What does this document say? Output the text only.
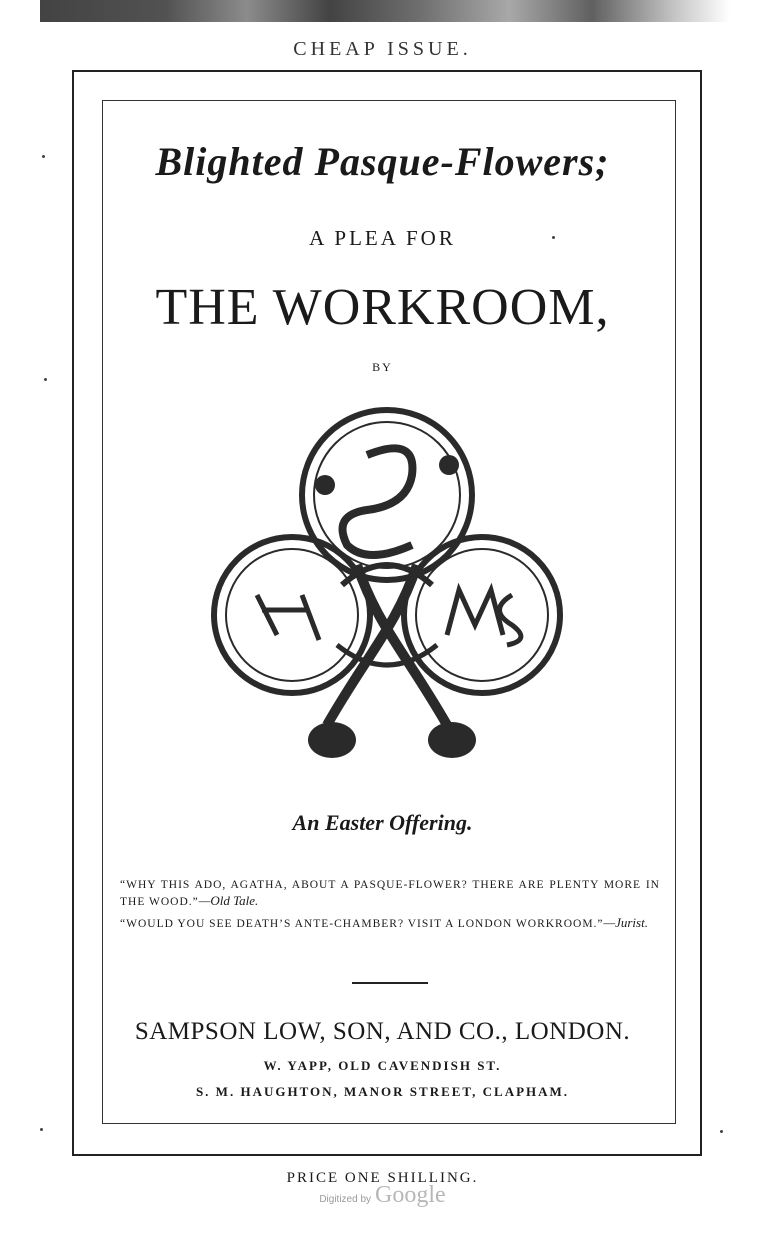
CHEAP ISSUE.
Blighted Pasque-Flowers;
A PLEA FOR
THE WORKROOM,
BY
An Easter Offering.
“WHY THIS ADO, AGATHA, ABOUT A PASQUE-FLOWER? THERE ARE PLENTY MORE IN THE WOOD.”—Old Tale.
“WOULD YOU SEE DEATH’S ANTE-CHAMBER? VISIT A LONDON WORKROOM.”—Jurist.
SAMPSON LOW, SON, AND CO., LONDON.
W. YAPP, OLD CAVENDISH ST.
S. M. HAUGHTON, MANOR STREET, CLAPHAM.
PRICE ONE SHILLING.
Digitized by Google
